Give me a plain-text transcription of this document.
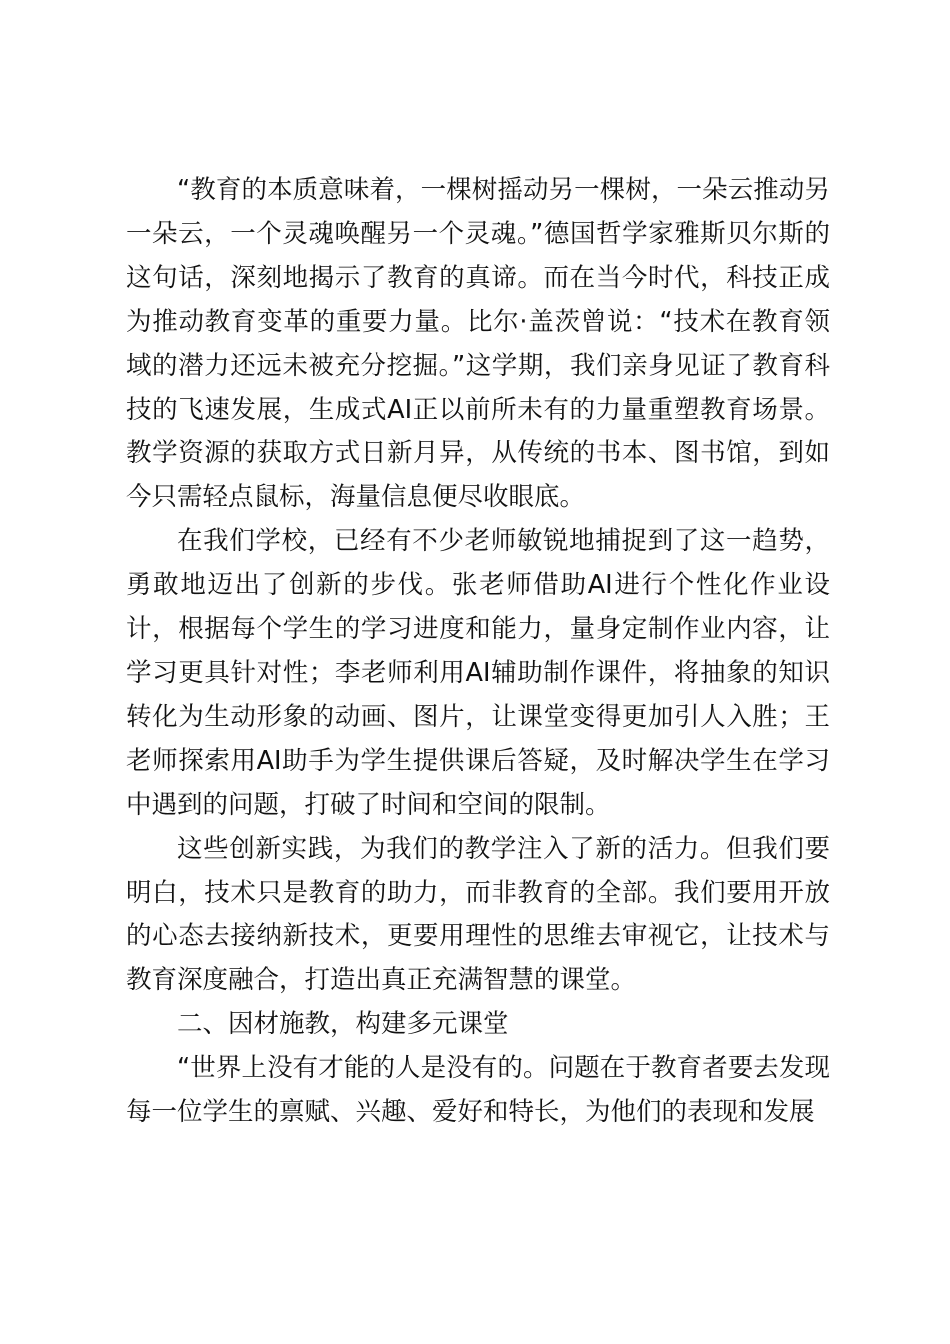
“教育的本质意味着，一棵树摇动另一棵树，一朵云推动另一朵云，一个灵魂唤醒另一个灵魂。”德国哲学家雅斯贝尔斯的这句话，深刻地揭示了教育的真谛。而在当今时代，科技正成为推动教育变革的重要力量。比尔·盖茨曾说：“技术在教育领域的潜力还远未被充分挖掘。”这学期，我们亲身见证了教育科技的飞速发展，生成式AI正以前所未有的力量重塑教育场景。教学资源的获取方式日新月异，从传统的书本、图书馆，到如今只需轻点鼠标，海量信息便尽收眼底。

在我们学校，已经有不少老师敏锐地捕捉到了这一趋势，勇敢地迈出了创新的步伐。张老师借助AI进行个性化作业设计，根据每个学生的学习进度和能力，量身定制作业内容，让学习更具针对性；李老师利用AI辅助制作课件，将抽象的知识转化为生动形象的动画、图片，让课堂变得更加引人入胜；王老师探索用AI助手为学生提供课后答疑，及时解决学生在学习中遇到的问题，打破了时间和空间的限制。

这些创新实践，为我们的教学注入了新的活力。但我们要明白，技术只是教育的助力，而非教育的全部。我们要用开放的心态去接纳新技术，更要用理性的思维去审视它，让技术与教育深度融合，打造出真正充满智慧的课堂。

二、因材施教，构建多元课堂

“世界上没有才能的人是没有的。问题在于教育者要去发现每一位学生的禀赋、兴趣、爱好和特长，为他们的表现和发展
